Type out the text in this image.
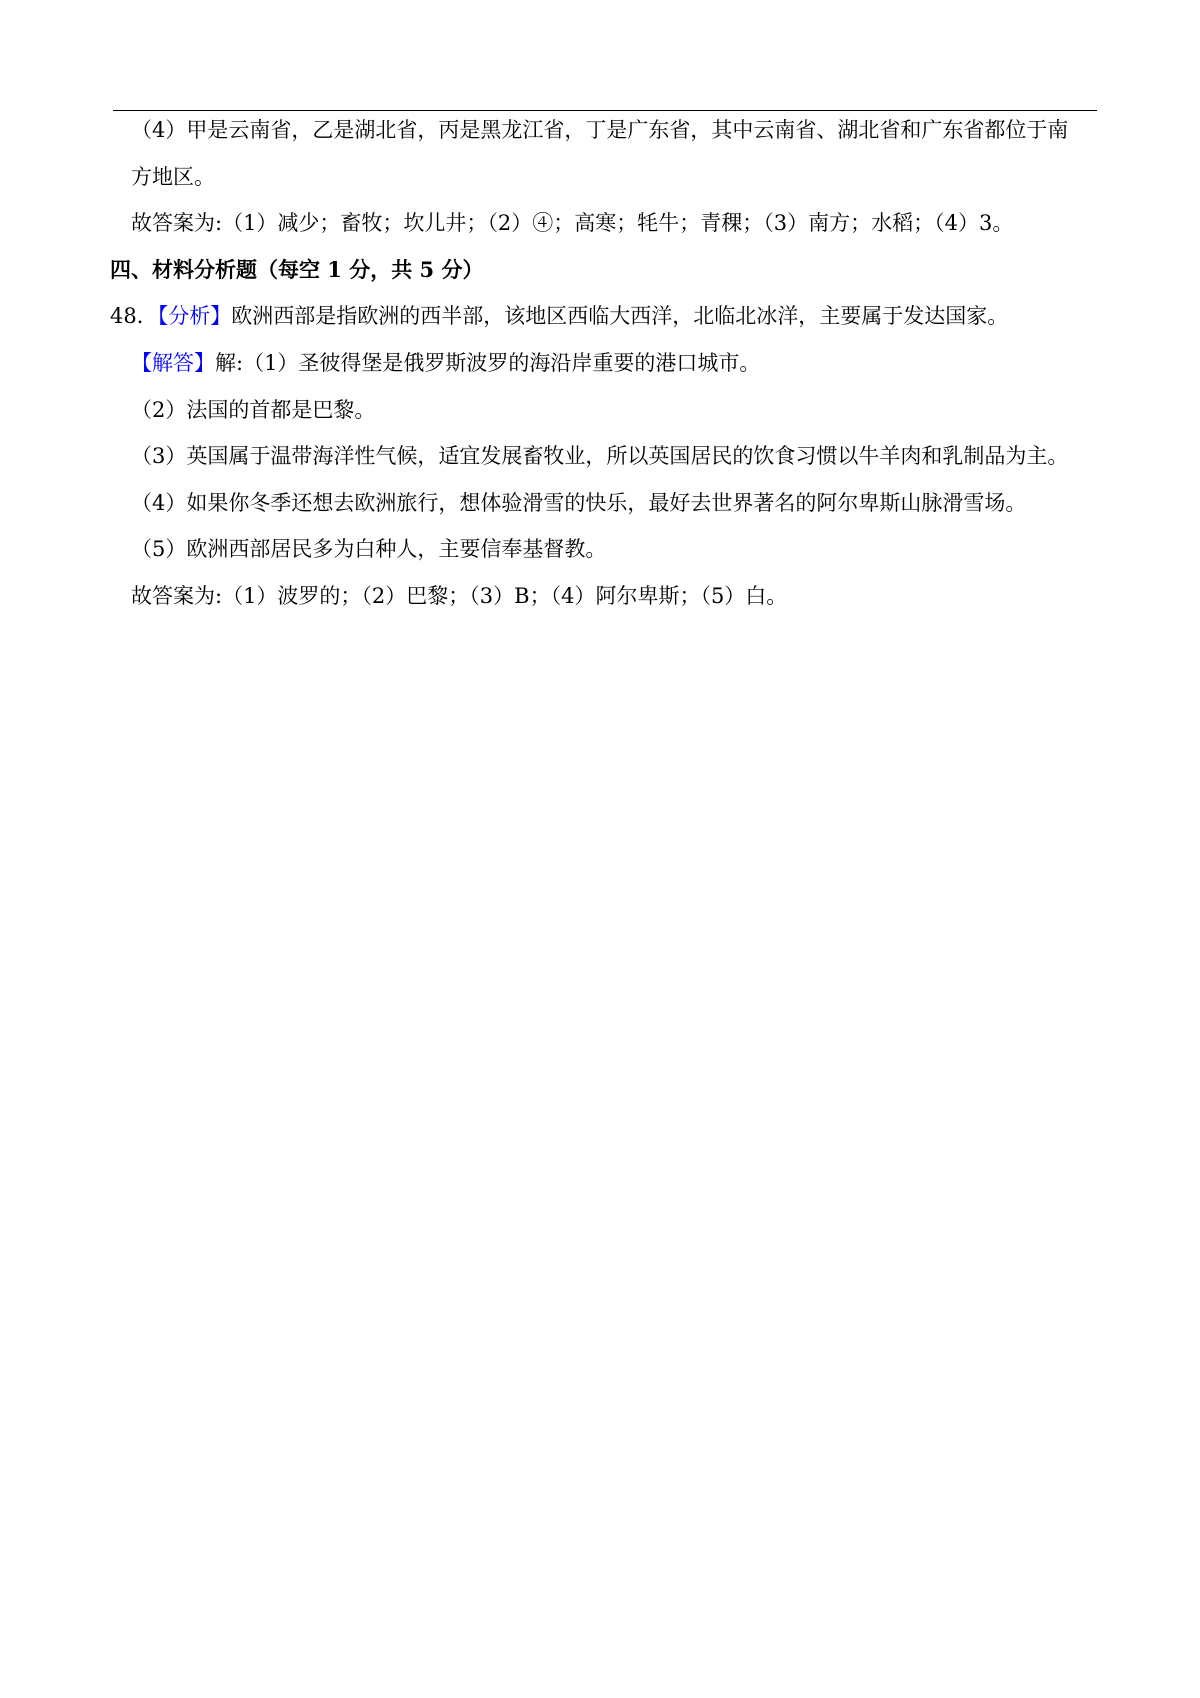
（4）甲是云南省，乙是湖北省，丙是黑龙江省，丁是广东省，其中云南省、湖北省和广东省都位于南
方地区。
故答案为:（1）减少；畜牧；坎儿井；（2）④；高寒；牦牛；青稞；（3）南方；水稻；（4）3。
四、材料分析题（每空 1 分，共 5 分）
48．【分析】欧洲西部是指欧洲的西半部，该地区西临大西洋，北临北冰洋，主要属于发达国家。
【解答】解:（1）圣彼得堡是俄罗斯波罗的海沿岸重要的港口城市。
（2）法国的首都是巴黎。
（3）英国属于温带海洋性气候，适宜发展畜牧业，所以英国居民的饮食习惯以牛羊肉和乳制品为主。
（4）如果你冬季还想去欧洲旅行，想体验滑雪的快乐，最好去世界著名的阿尔卑斯山脉滑雪场。
（5）欧洲西部居民多为白种人，主要信奉基督教。
故答案为:（1）波罗的；（2）巴黎；（3）B；（4）阿尔卑斯；（5）白。
